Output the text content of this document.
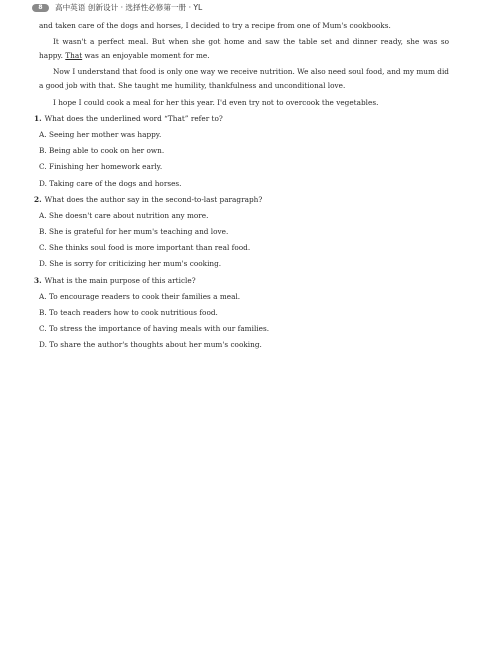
8	高中英语 创新设计 · 选择性必修第一册 · YL

and taken care of the dogs and horses, I decided to try a recipe from one of Mum's cookbooks.

It wasn't a perfect meal. But when she got home and saw the table set and dinner ready, she was so happy. That was an enjoyable moment for me.

Now I understand that food is only one way we receive nutrition. We also need soul food, and my mum did a good job with that. She taught me humility, thankfulness and unconditional love.

I hope I could cook a meal for her this year. I'd even try not to overcook the vegetables.

1. What does the underlined word “That” refer to?

A. Seeing her mother was happy.

B. Being able to cook on her own.

C. Finishing her homework early.

D. Taking care of the dogs and horses.

2. What does the author say in the second-to-last paragraph?

A. She doesn't care about nutrition any more.

B. She is grateful for her mum's teaching and love.

C. She thinks soul food is more important than real food.

D. She is sorry for criticizing her mum's cooking.

3. What is the main purpose of this article?

A. To encourage readers to cook their families a meal.

B. To teach readers how to cook nutritious food.

C. To stress the importance of having meals with our families.

D. To share the author's thoughts about her mum's cooking.
